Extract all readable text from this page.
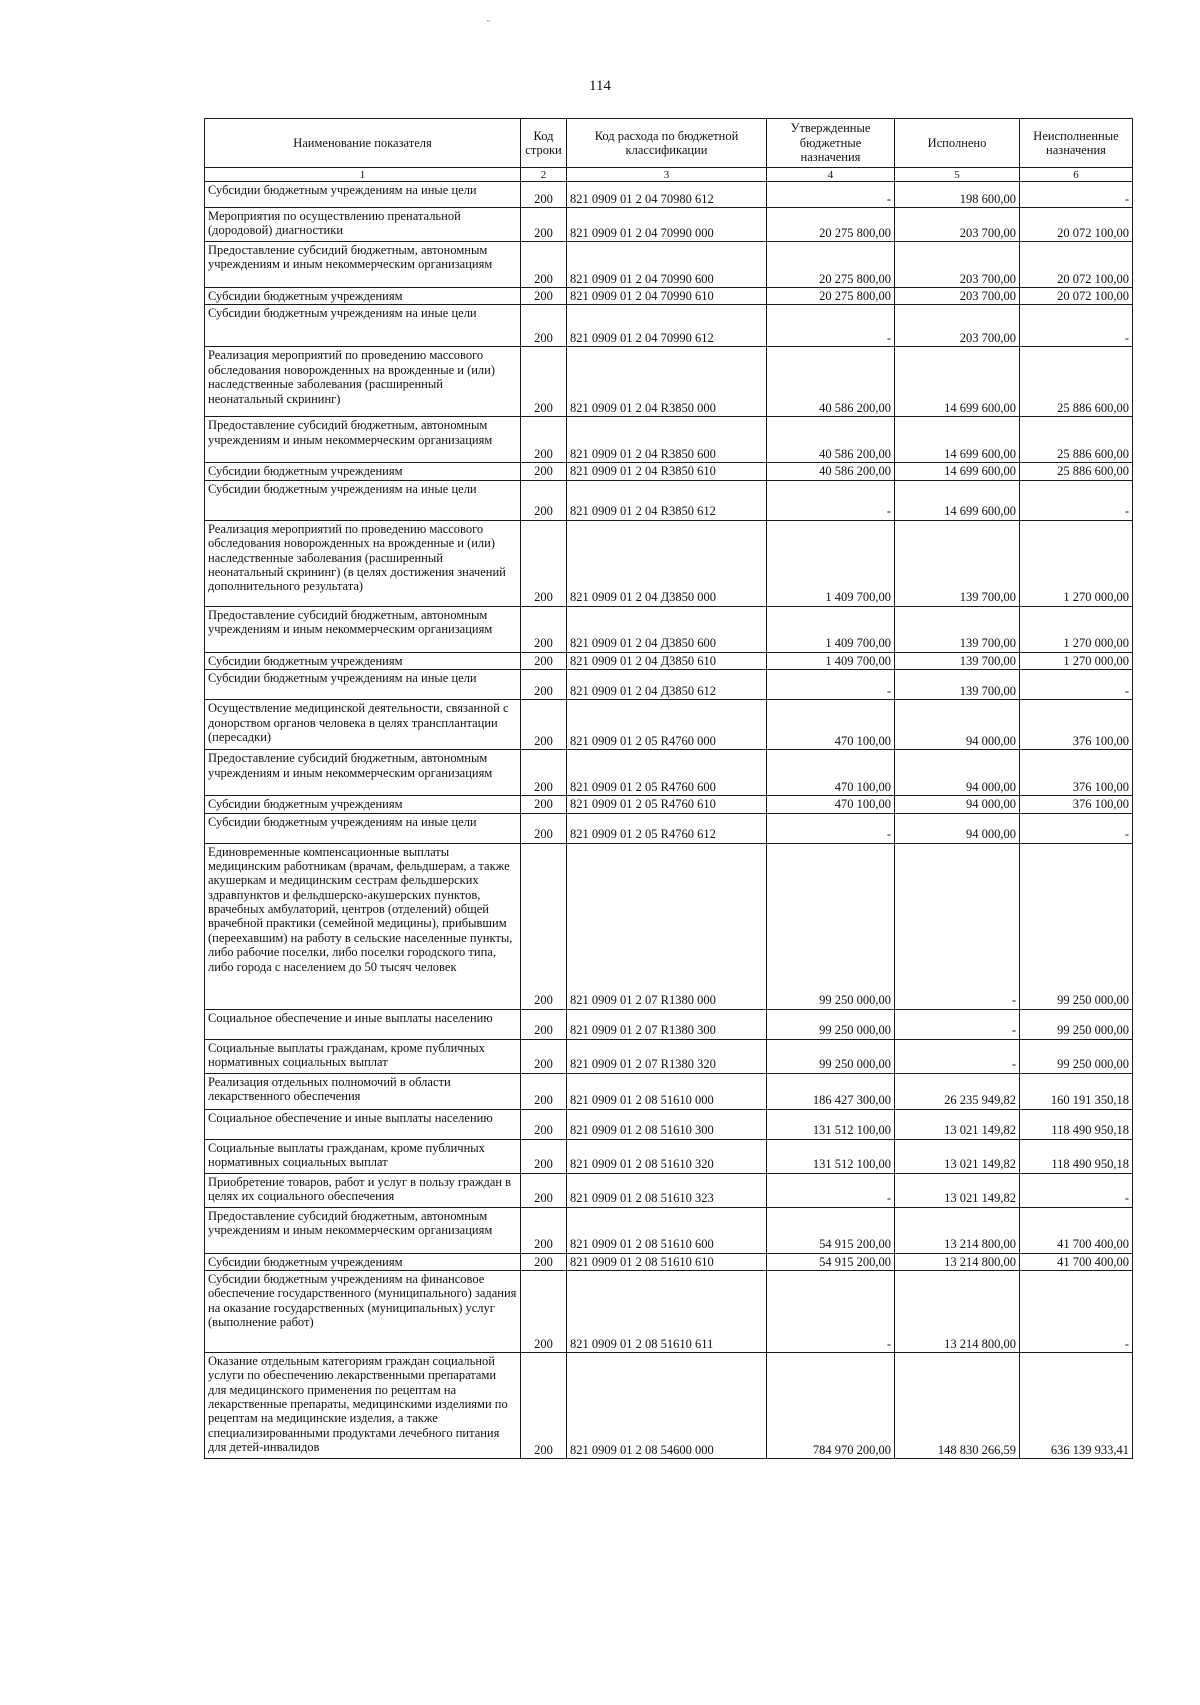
ᵕ
114
Наименование показателя	Код строки	Код расхода по бюджетной классификации	Утвержденные бюджетные назначения	Исполнено	Неисполненные назначения
1	2	3	4	5	6
Субсидии бюджетным учреждениям на иные цели	200	821 0909 01 2 04 70980 612	-	198 600,00	-
Мероприятия по осуществлению пренатальной (дородовой) диагностики	200	821 0909 01 2 04 70990 000	20 275 800,00	203 700,00	20 072 100,00
Предоставление субсидий бюджетным, автономным учреждениям и иным некоммерческим организациям	200	821 0909 01 2 04 70990 600	20 275 800,00	203 700,00	20 072 100,00
Субсидии бюджетным учреждениям	200	821 0909 01 2 04 70990 610	20 275 800,00	203 700,00	20 072 100,00
Субсидии бюджетным учреждениям на иные цели	200	821 0909 01 2 04 70990 612	-	203 700,00	-
Реализация мероприятий по проведению массового обследования новорожденных на врожденные и (или) наследственные заболевания (расширенный неонатальный скрининг)	200	821 0909 01 2 04 R3850 000	40 586 200,00	14 699 600,00	25 886 600,00
Предоставление субсидий бюджетным, автономным учреждениям и иным некоммерческим организациям	200	821 0909 01 2 04 R3850 600	40 586 200,00	14 699 600,00	25 886 600,00
Субсидии бюджетным учреждениям	200	821 0909 01 2 04 R3850 610	40 586 200,00	14 699 600,00	25 886 600,00
Субсидии бюджетным учреждениям на иные цели	200	821 0909 01 2 04 R3850 612	-	14 699 600,00	-
Реализация мероприятий по проведению массового обследования новорожденных на врожденные и (или) наследственные заболевания (расширенный неонатальный скрининг) (в целях достижения значений дополнительного результата)	200	821 0909 01 2 04 Д3850 000	1 409 700,00	139 700,00	1 270 000,00
Предоставление субсидий бюджетным, автономным учреждениям и иным некоммерческим организациям	200	821 0909 01 2 04 Д3850 600	1 409 700,00	139 700,00	1 270 000,00
Субсидии бюджетным учреждениям	200	821 0909 01 2 04 Д3850 610	1 409 700,00	139 700,00	1 270 000,00
Субсидии бюджетным учреждениям на иные цели	200	821 0909 01 2 04 Д3850 612	-	139 700,00	-
Осуществление медицинской деятельности, связанной с донорством органов человека в целях трансплантации (пересадки)	200	821 0909 01 2 05 R4760 000	470 100,00	94 000,00	376 100,00
Предоставление субсидий бюджетным, автономным учреждениям и иным некоммерческим организациям	200	821 0909 01 2 05 R4760 600	470 100,00	94 000,00	376 100,00
Субсидии бюджетным учреждениям	200	821 0909 01 2 05 R4760 610	470 100,00	94 000,00	376 100,00
Субсидии бюджетным учреждениям на иные цели	200	821 0909 01 2 05 R4760 612	-	94 000,00	-
Единовременные компенсационные выплаты медицинским работникам (врачам, фельдшерам, а также акушеркам и медицинским сестрам фельдшерских здравпунктов и фельдшерско-акушерских пунктов, врачебных амбулаторий, центров (отделений) общей врачебной практики (семейной медицины), прибывшим (переехавшим) на работу в сельские населенные пункты, либо рабочие поселки, либо поселки городского типа, либо города с населением до 50 тысяч человек	200	821 0909 01 2 07 R1380 000	99 250 000,00	-	99 250 000,00
Социальное обеспечение и иные выплаты населению	200	821 0909 01 2 07 R1380 300	99 250 000,00	-	99 250 000,00
Социальные выплаты гражданам, кроме публичных нормативных социальных выплат	200	821 0909 01 2 07 R1380 320	99 250 000,00	-	99 250 000,00
Реализация отдельных полномочий в области лекарственного обеспечения	200	821 0909 01 2 08 51610 000	186 427 300,00	26 235 949,82	160 191 350,18
Социальное обеспечение и иные выплаты населению	200	821 0909 01 2 08 51610 300	131 512 100,00	13 021 149,82	118 490 950,18
Социальные выплаты гражданам, кроме публичных нормативных социальных выплат	200	821 0909 01 2 08 51610 320	131 512 100,00	13 021 149,82	118 490 950,18
Приобретение товаров, работ и услуг в пользу граждан в целях их социального обеспечения	200	821 0909 01 2 08 51610 323	-	13 021 149,82	-
Предоставление субсидий бюджетным, автономным учреждениям и иным некоммерческим организациям	200	821 0909 01 2 08 51610 600	54 915 200,00	13 214 800,00	41 700 400,00
Субсидии бюджетным учреждениям	200	821 0909 01 2 08 51610 610	54 915 200,00	13 214 800,00	41 700 400,00
Субсидии бюджетным учреждениям на финансовое обеспечение государственного (муниципального) задания на оказание государственных (муниципальных) услуг (выполнение работ)	200	821 0909 01 2 08 51610 611	-	13 214 800,00	-
Оказание отдельным категориям граждан социальной услуги по обеспечению лекарственными препаратами для медицинского применения по рецептам на лекарственные препараты, медицинскими изделиями по рецептам на медицинские изделия, а также специализированными продуктами лечебного питания для детей-инвалидов	200	821 0909 01 2 08 54600 000	784 970 200,00	148 830 266,59	636 139 933,41
